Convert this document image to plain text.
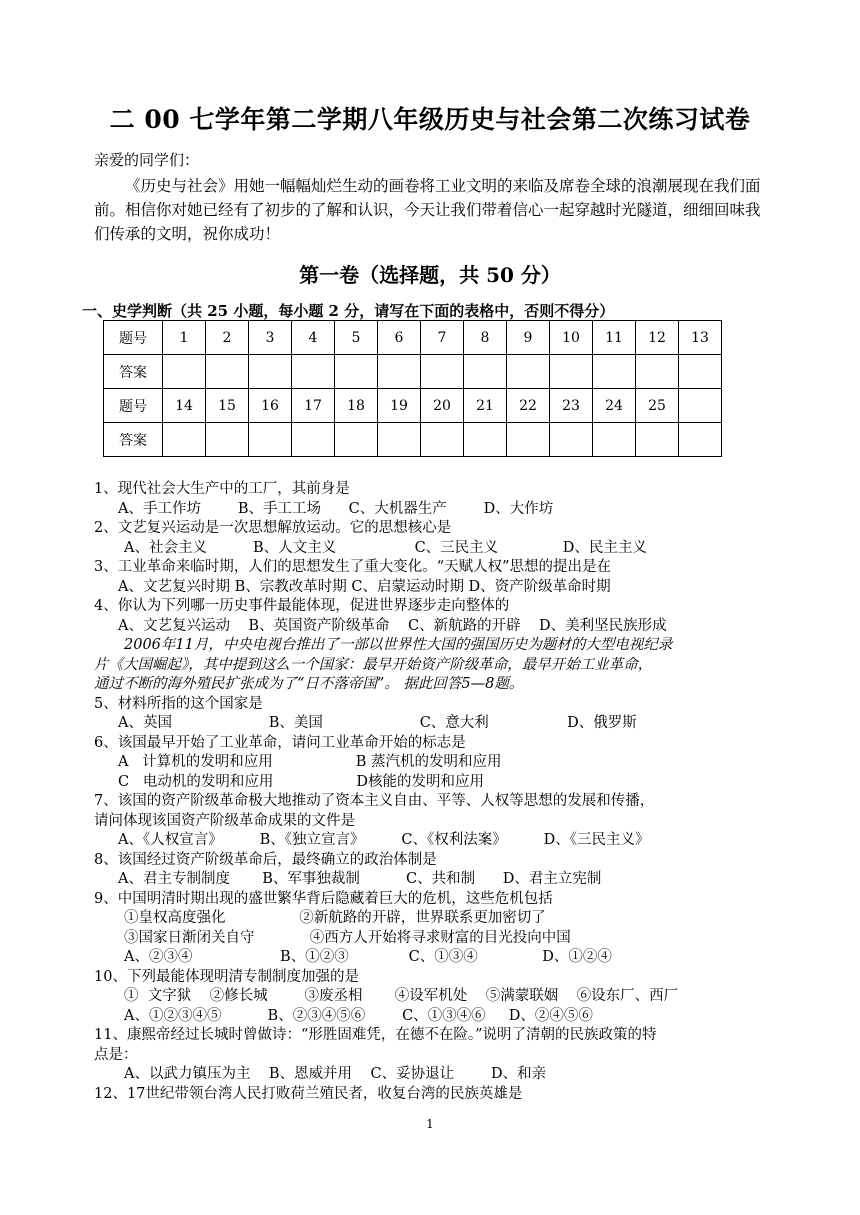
二 00 七学年第二学期八年级历史与社会第二次练习试卷
亲爱的同学们：
《历史与社会》用她一幅幅灿烂生动的画卷将工业文明的来临及席卷全球的浪潮展现在我们面前。相信你对她已经有了初步的了解和认识，今天让我们带着信心一起穿越时光隧道，细细回味我们传承的文明，祝你成功！
第一卷（选择题，共 50 分）
一、史学判断（共 25 小题，每小题 2 分，请写在下面的表格中，否则不得分）
题号	1	2	3	4	5	6	7	8	9	10	11	12	13
答案													
题号	14	15	16	17	18	19	20	21	22	23	24	25	
答案													
1、现代社会大生产中的工厂，其前身是
A、手工作坊        B、手工工场      C、大机器生产        D、大作坊
2、文艺复兴运动是一次思想解放运动。它的思想核心是
A、社会主义          B、人文主义                 C、三民主义              D、民主主义
3、工业革命来临时期，人们的思想发生了重大变化。“天赋人权”思想的提出是在
A、文艺复兴时期 B、宗教改革时期 C、启蒙运动时期 D、资产阶级革命时期
4、你认为下列哪一历史事件最能体现，促进世界逐步走向整体的
A、文艺复兴运动    B、英国资产阶级革命    C、新航路的开辟    D、美利坚民族形成
2006年11月，中央电视台推出了一部以世界性大国的强国历史为题材的大型电视纪录
片《大国崛起》，其中提到这么一个国家：最早开始资产阶级革命，最早开始工业革命，
通过不断的海外殖民扩张成为了“日不落帝国”。 据此回答5—8题。
5、材料所指的这个国家是
A、英国                     B、美国                     C、意大利                 D、俄罗斯
6、该国最早开始了工业革命，请问工业革命开始的标志是
A   计算机的发明和应用                  B 蒸汽机的发明和应用
C   电动机的发明和应用                  D核能的发明和应用
7、该国的资产阶级革命极大地推动了资本主义自由、平等、人权等思想的发展和传播，
请问体现该国资产阶级革命成果的文件是
A、《人权宣言》        B、《独立宣言》        C、《权利法案》        D、《三民主义》
8、该国经过资产阶级革命后，最终确立的政治体制是
A、君主专制制度       B、军事独裁制          C、共和制      D、君主立宪制
9、中国明清时期出现的盛世繁华背后隐藏着巨大的危机，这些危机包括
①皇权高度强化                ②新航路的开辟，世界联系更加密切了
③国家日渐闭关自守            ④西方人开始将寻求财富的目光投向中国
A、②③④                   B、①②③             C、①③④              D、①②④
10、下列最能体现明清专制制度加强的是
①  文字狱    ②修长城        ③废丞相       ④设军机处    ⑤满蒙联姻    ⑥设东厂、西厂
A、①②③④⑤          B、②③④⑤⑥        C、①③④⑥     D、②④⑤⑥
11、康熙帝经过长城时曾做诗：“形胜固难凭，在德不在险。”说明了清朝的民族政策的特
点是：
A、以武力镇压为主    B、恩威并用    C、妥协退让        D、和亲
12、17世纪带领台湾人民打败荷兰殖民者，收复台湾的民族英雄是
1
